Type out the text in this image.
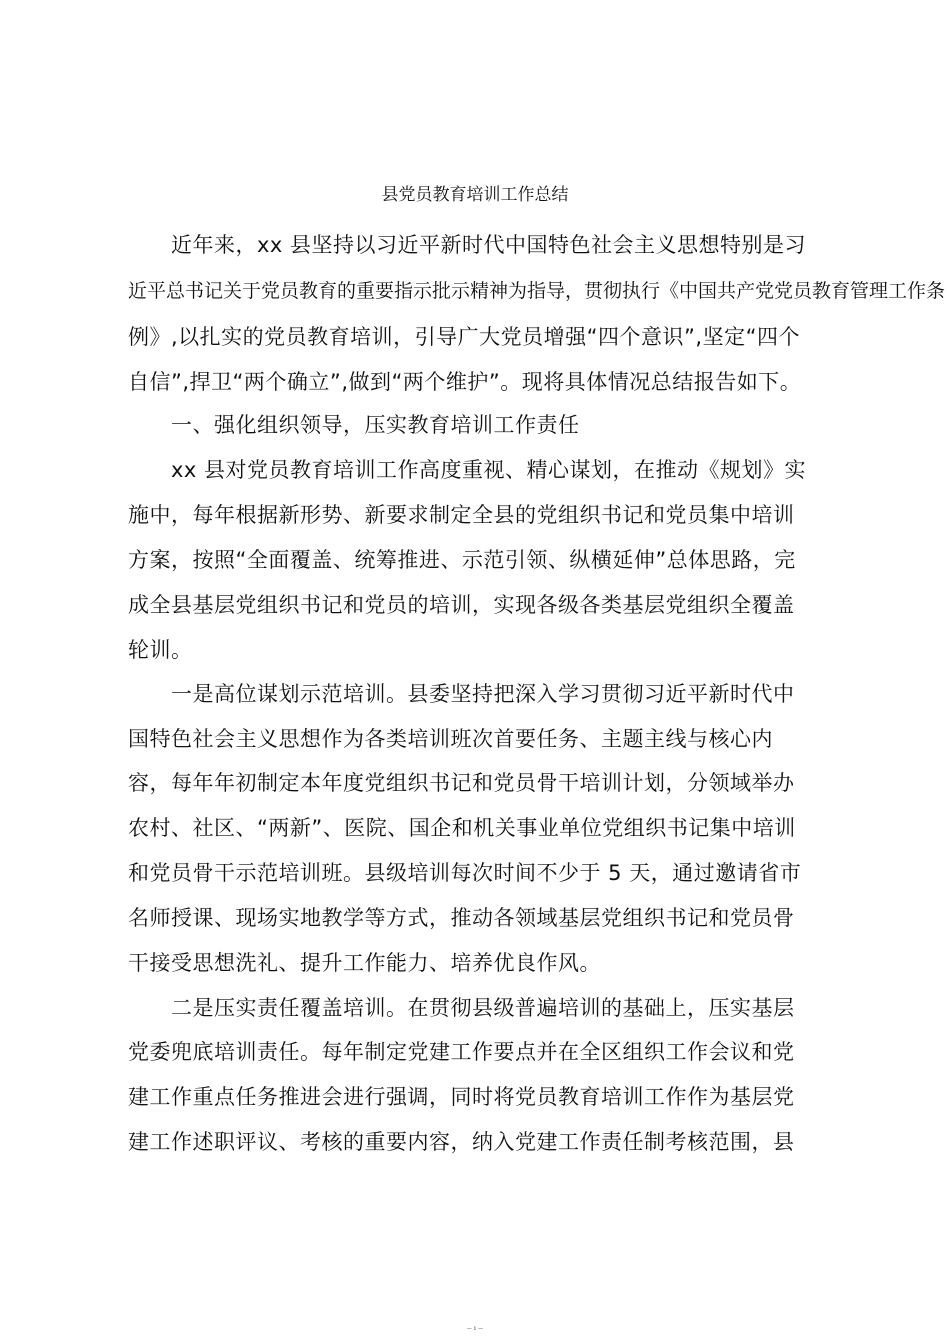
县党员教育培训工作总结
近年来，xx 县坚持以习近平新时代中国特色社会主义思想特别是习
近平总书记关于党员教育的重要指示批示精神为指导，贯彻执行《中国共产党党员教育管理工作条
例》,以扎实的党员教育培训，引导广大党员增强“四个意识”,坚定“四个
自信”,捍卫“两个确立”,做到“两个维护”。现将具体情况总结报告如下。
一、强化组织领导，压实教育培训工作责任
xx 县对党员教育培训工作高度重视、精心谋划，在推动《规划》实
施中，每年根据新形势、新要求制定全县的党组织书记和党员集中培训
方案，按照“全面覆盖、统筹推进、示范引领、纵横延伸”总体思路，完
成全县基层党组织书记和党员的培训，实现各级各类基层党组织全覆盖
轮训。
一是高位谋划示范培训。县委坚持把深入学习贯彻习近平新时代中
国特色社会主义思想作为各类培训班次首要任务、主题主线与核心内
容，每年年初制定本年度党组织书记和党员骨干培训计划，分领域举办
农村、社区、“两新”、医院、国企和机关事业单位党组织书记集中培训
和党员骨干示范培训班。县级培训每次时间不少于 5 天，通过邀请省市
名师授课、现场实地教学等方式，推动各领域基层党组织书记和党员骨
干接受思想洗礼、提升工作能力、培养优良作风。
二是压实责任覆盖培训。在贯彻县级普遍培训的基础上，压实基层
党委兜底培训责任。每年制定党建工作要点并在全区组织工作会议和党
建工作重点任务推进会进行强调，同时将党员教育培训工作作为基层党
建工作述职评议、考核的重要内容，纳入党建工作责任制考核范围，县
— 1 —
